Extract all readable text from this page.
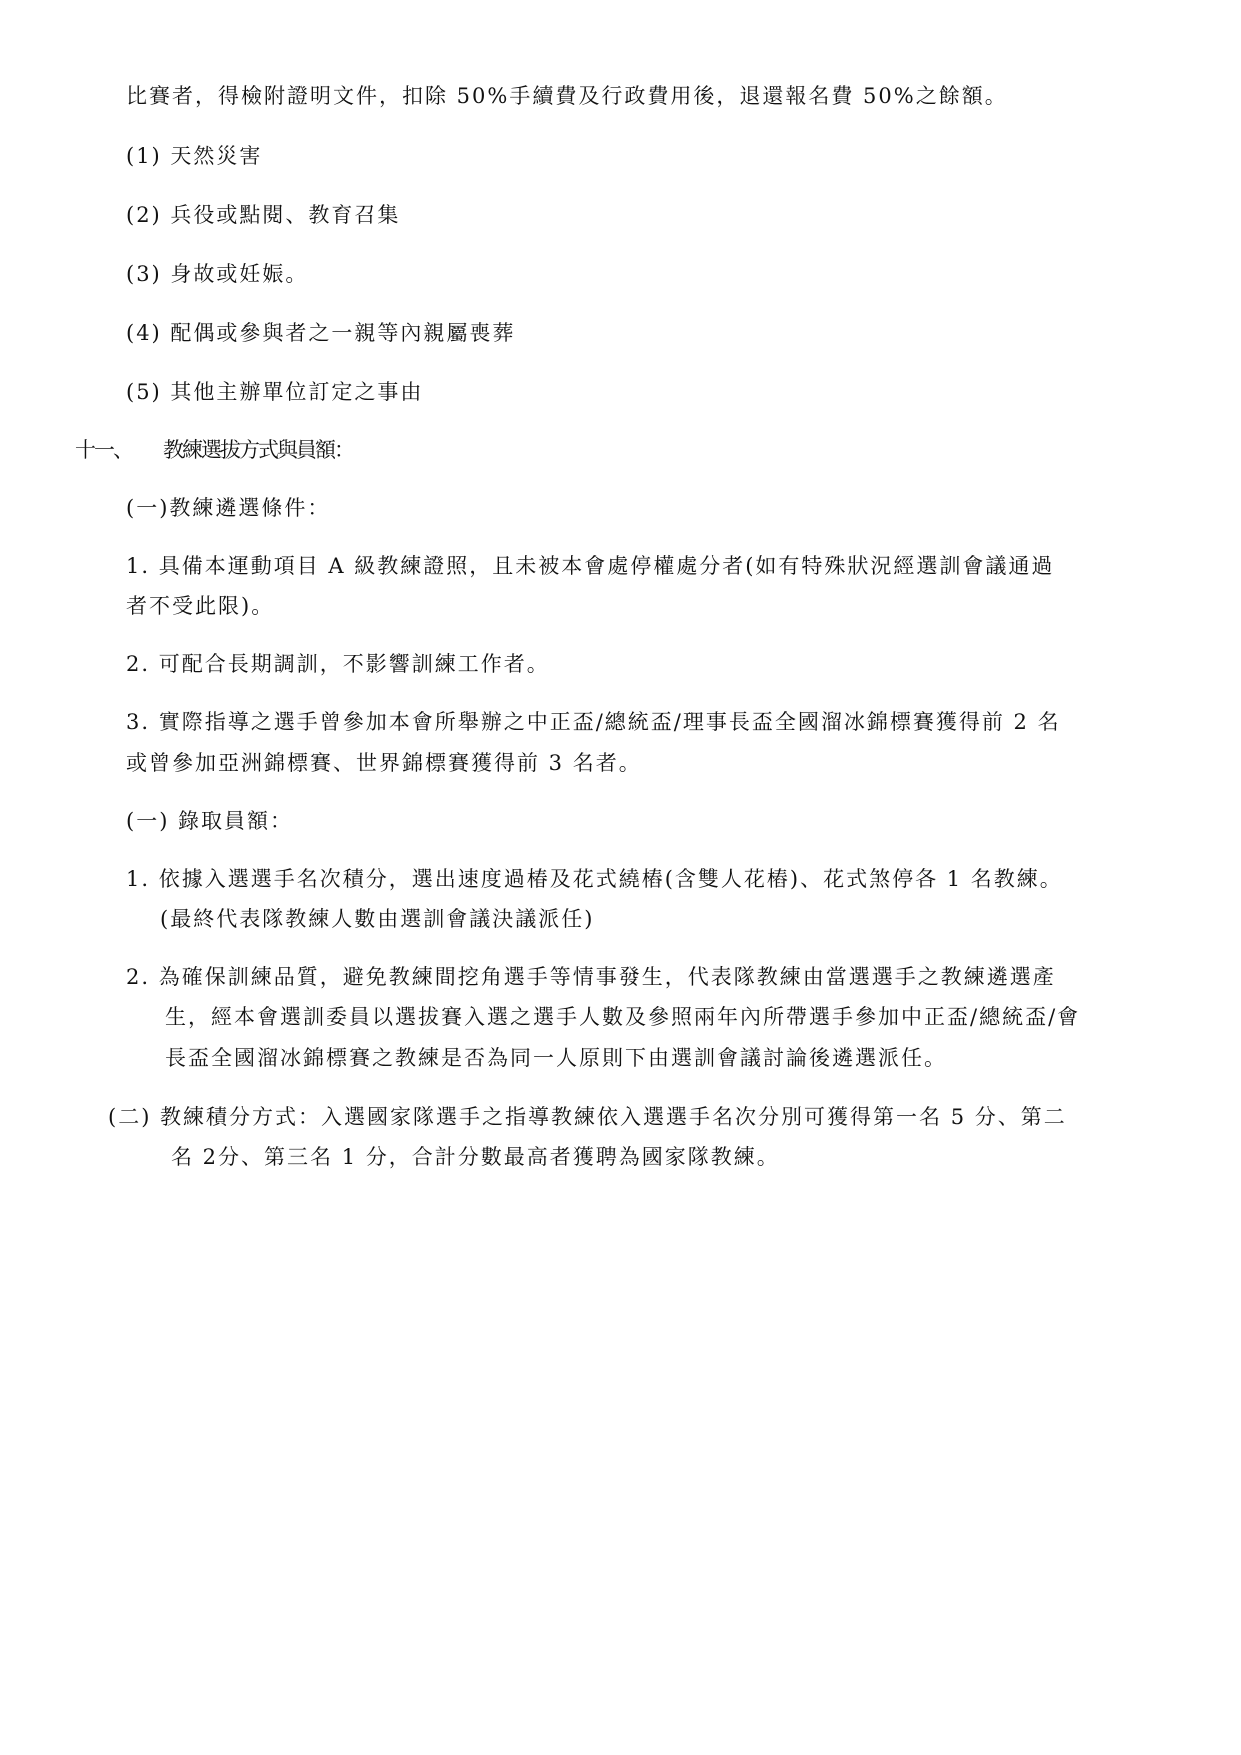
比賽者，得檢附證明文件，扣除 50%手續費及行政費用後，退還報名費 50%之餘額。
(1) 天然災害
(2) 兵役或點閱、教育召集
(3) 身故或妊娠。
(4) 配偶或參與者之一親等內親屬喪葬
(5) 其他主辦單位訂定之事由
十一、 教練選拔方式與員額：
(一)教練遴選條件：
1. 具備本運動項目 A 級教練證照，且未被本會處停權處分者(如有特殊狀況經選訓會議通過
者不受此限)。
2. 可配合長期調訓，不影響訓練工作者。
3. 實際指導之選手曾參加本會所舉辦之中正盃/總統盃/理事長盃全國溜冰錦標賽獲得前 2 名
或曾參加亞洲錦標賽、世界錦標賽獲得前 3 名者。
(一) 錄取員額：
1. 依據入選選手名次積分，選出速度過椿及花式繞樁(含雙人花樁)、花式煞停各 1 名教練。
(最終代表隊教練人數由選訓會議決議派任)
2. 為確保訓練品質，避免教練間挖角選手等情事發生，代表隊教練由當選選手之教練遴選產
生，經本會選訓委員以選拔賽入選之選手人數及參照兩年內所帶選手參加中正盃/總統盃/會
長盃全國溜冰錦標賽之教練是否為同一人原則下由選訓會議討論後遴選派任。
(二) 教練積分方式：入選國家隊選手之指導教練依入選選手名次分別可獲得第一名 5 分、第二
名 2分、第三名 1 分，合計分數最高者獲聘為國家隊教練。
